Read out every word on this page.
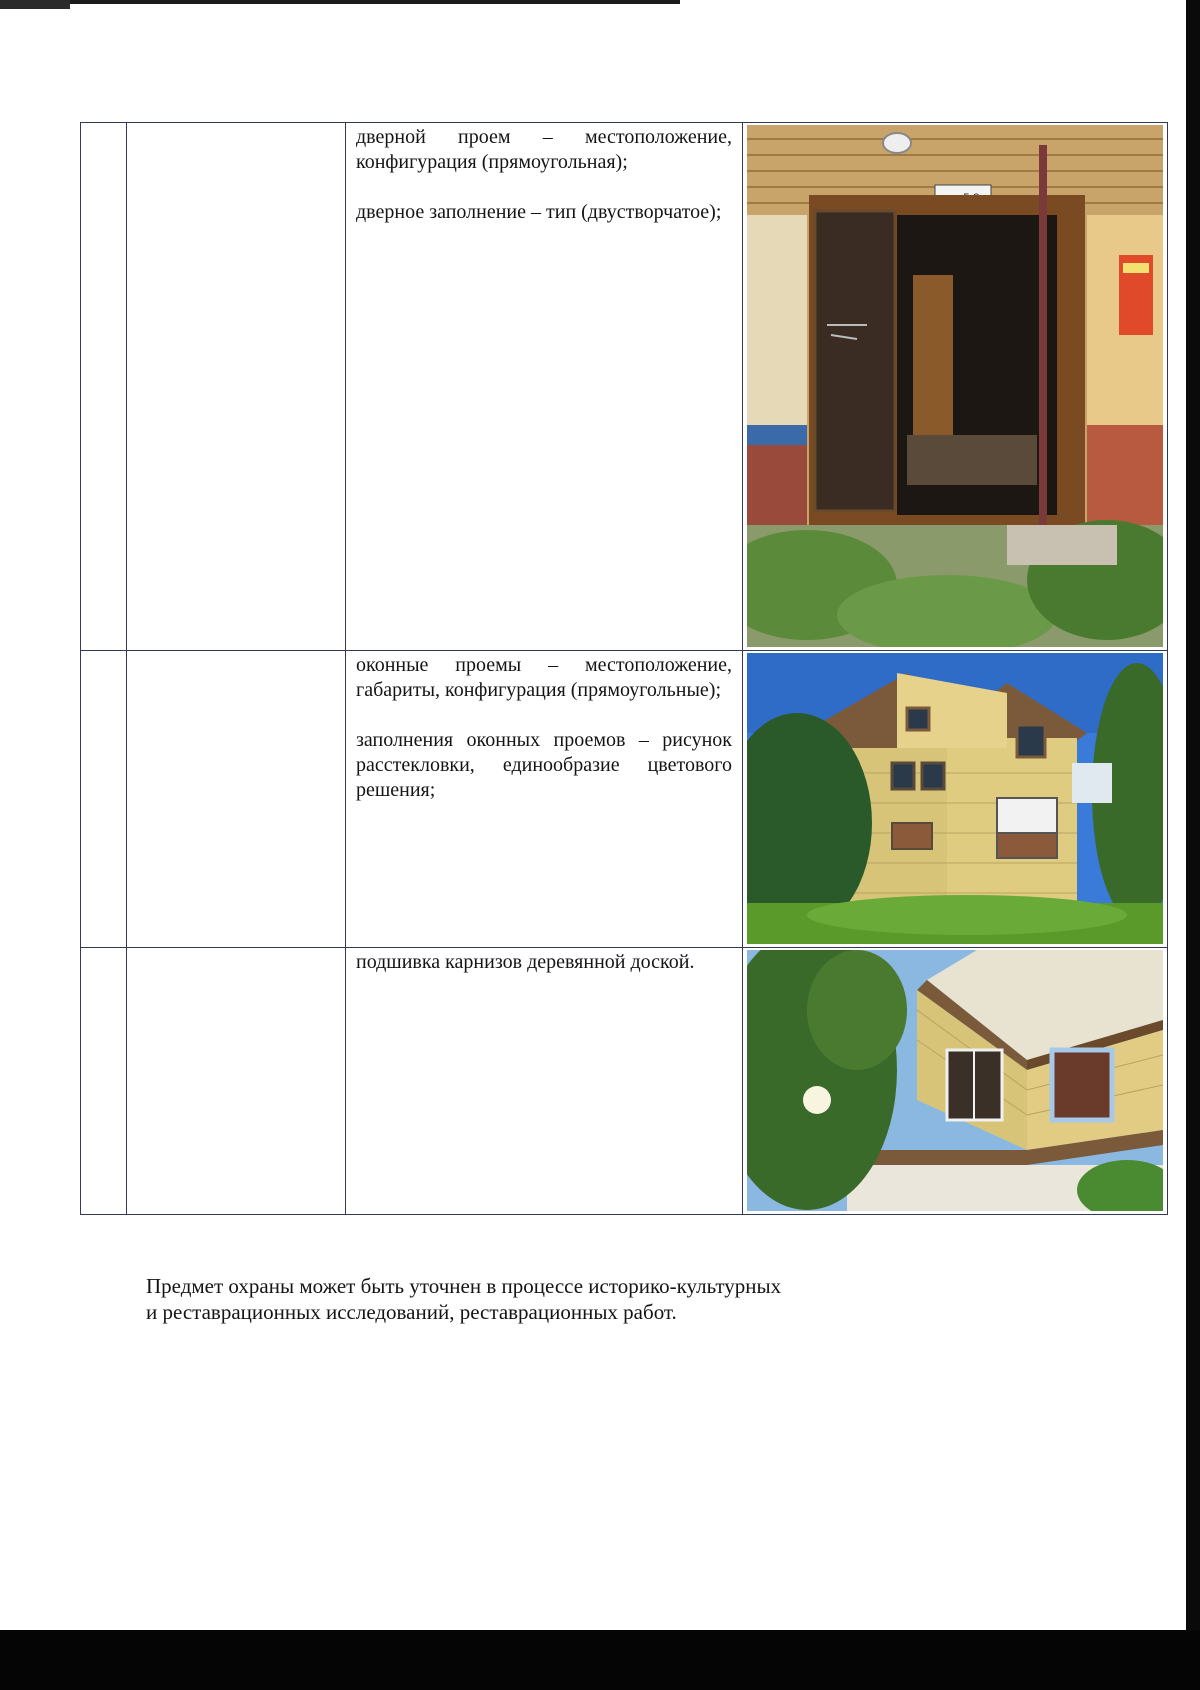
		дверной проем – местоположение, конфигурация (прямоугольная);

дверное заполнение – тип (двустворчатое);

		оконные проемы – местоположение, габариты, конфигурация (прямоугольные);

заполнения оконных проемов – рисунок расстекловки, единообразие цветового решения;

		подшивка карнизов деревянной доской.

Предмет охраны может быть уточнен в процессе историко-культурных

и реставрационных исследований, реставрационных работ.
